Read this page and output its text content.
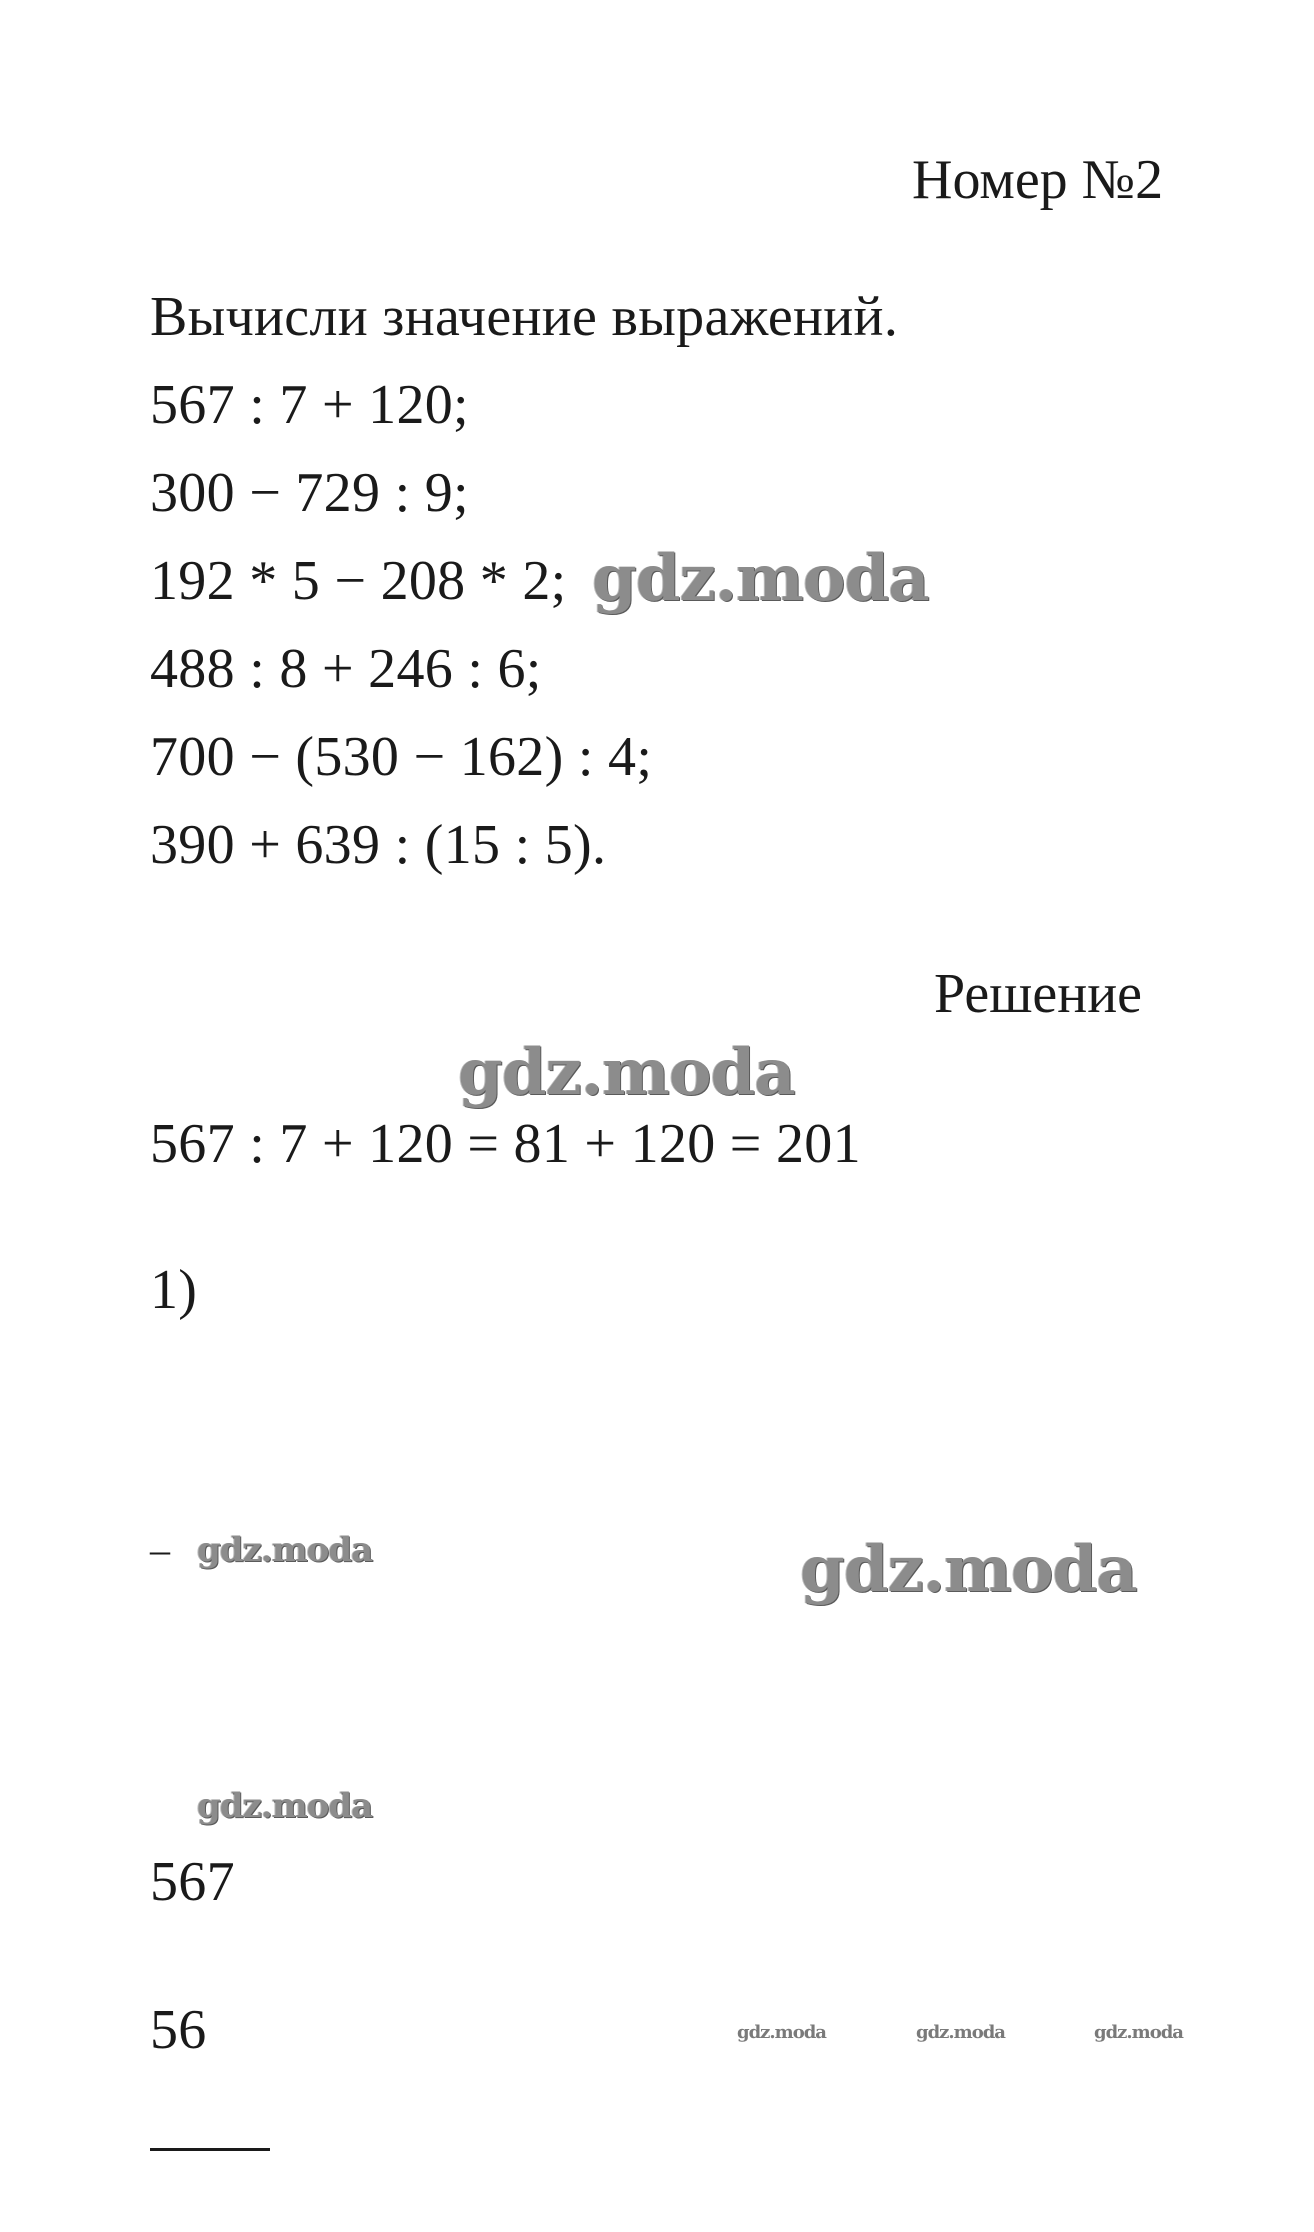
Номер №2
Вычисли значение выражений.
567 : 7 + 120;
300 − 729 : 9;
192 * 5 − 208 * 2;
488 : 8 + 246 : 6;
700 − (530 − 162) : 4;
390 + 639 : (15 : 5).
Решение
567 : 7 + 120 = 81 + 120 = 201
1)
–
567
56
gdz.moda
gdz.moda
gdz.moda
gdz.moda
gdz.moda
gdz.moda	gdz.moda	gdz.moda
